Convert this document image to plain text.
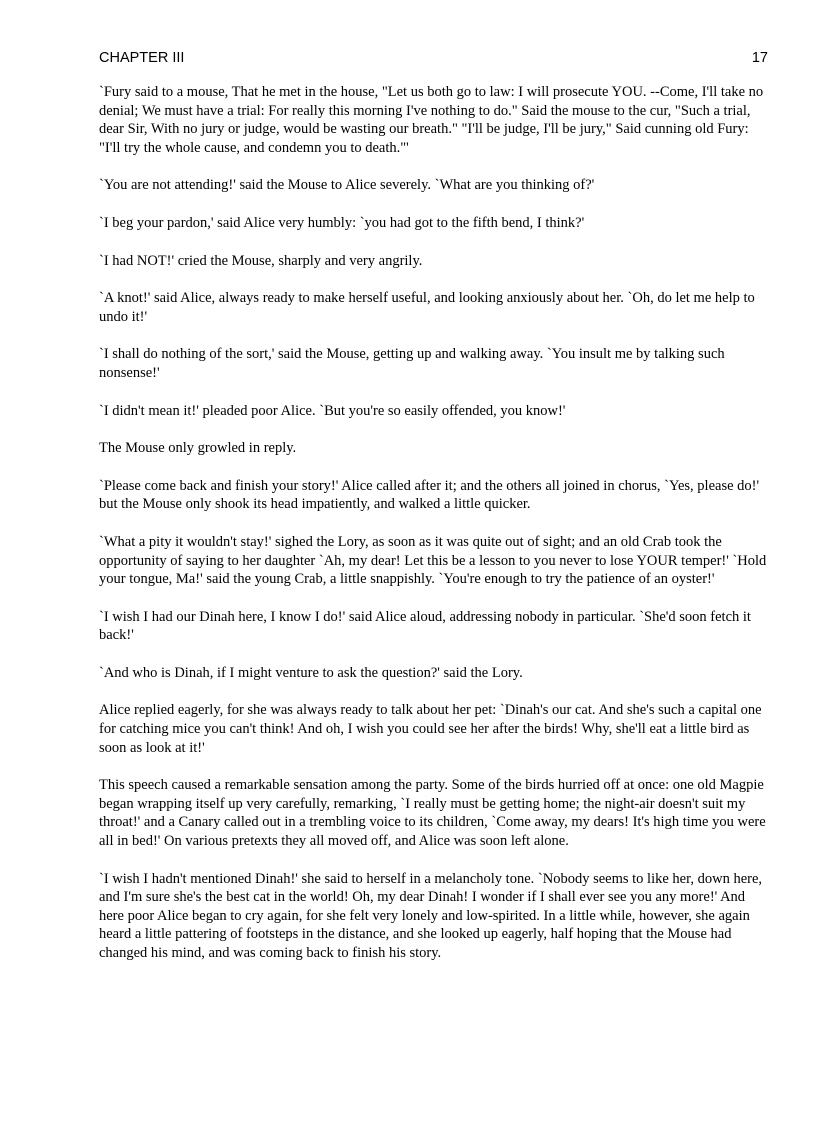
CHAPTER III	17

`Fury said to a mouse, That he met in the house, "Let us both go to law: I will prosecute YOU. --Come, I'll take no denial; We must have a trial: For really this morning I've nothing to do." Said the mouse to the cur, "Such a trial, dear Sir, With no jury or judge, would be wasting our breath." "I'll be judge, I'll be jury," Said cunning old Fury: "I'll try the whole cause, and condemn you to death."'

`You are not attending!' said the Mouse to Alice severely. `What are you thinking of?'

`I beg your pardon,' said Alice very humbly: `you had got to the fifth bend, I think?'

`I had NOT!' cried the Mouse, sharply and very angrily.

`A knot!' said Alice, always ready to make herself useful, and looking anxiously about her. `Oh, do let me help to undo it!'

`I shall do nothing of the sort,' said the Mouse, getting up and walking away. `You insult me by talking such nonsense!'

`I didn't mean it!' pleaded poor Alice. `But you're so easily offended, you know!'

The Mouse only growled in reply.

`Please come back and finish your story!' Alice called after it; and the others all joined in chorus, `Yes, please do!' but the Mouse only shook its head impatiently, and walked a little quicker.

`What a pity it wouldn't stay!' sighed the Lory, as soon as it was quite out of sight; and an old Crab took the opportunity of saying to her daughter `Ah, my dear! Let this be a lesson to you never to lose YOUR temper!' `Hold your tongue, Ma!' said the young Crab, a little snappishly. `You're enough to try the patience of an oyster!'

`I wish I had our Dinah here, I know I do!' said Alice aloud, addressing nobody in particular. `She'd soon fetch it back!'

`And who is Dinah, if I might venture to ask the question?' said the Lory.

Alice replied eagerly, for she was always ready to talk about her pet: `Dinah's our cat. And she's such a capital one for catching mice you can't think! And oh, I wish you could see her after the birds! Why, she'll eat a little bird as soon as look at it!'

This speech caused a remarkable sensation among the party. Some of the birds hurried off at once: one old Magpie began wrapping itself up very carefully, remarking, `I really must be getting home; the night-air doesn't suit my throat!' and a Canary called out in a trembling voice to its children, `Come away, my dears! It's high time you were all in bed!' On various pretexts they all moved off, and Alice was soon left alone.

`I wish I hadn't mentioned Dinah!' she said to herself in a melancholy tone. `Nobody seems to like her, down here, and I'm sure she's the best cat in the world! Oh, my dear Dinah! I wonder if I shall ever see you any more!' And here poor Alice began to cry again, for she felt very lonely and low-spirited. In a little while, however, she again heard a little pattering of footsteps in the distance, and she looked up eagerly, half hoping that the Mouse had changed his mind, and was coming back to finish his story.
